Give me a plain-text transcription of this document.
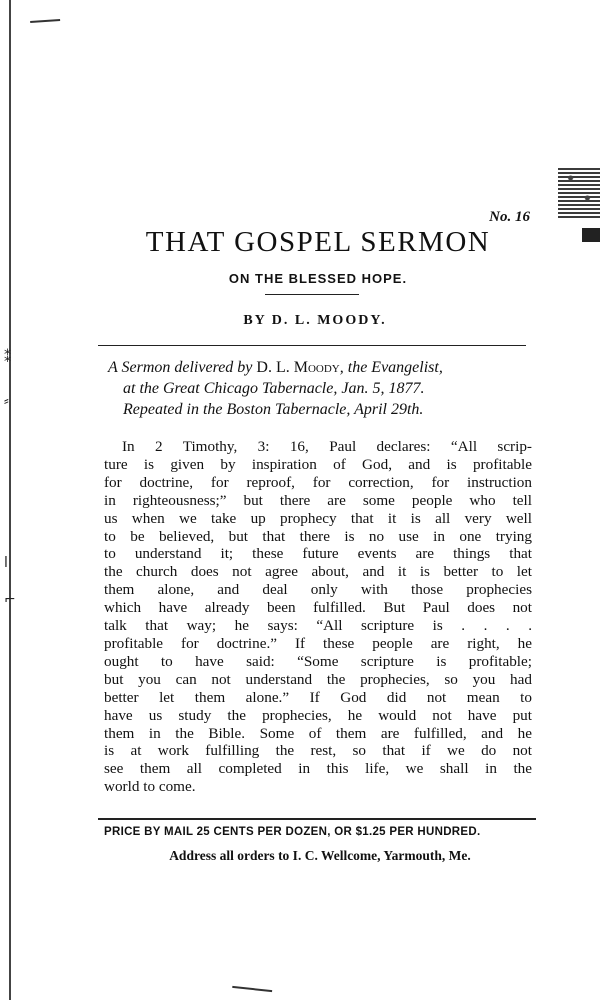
⁑
⸗
ꞁ
⌐
No. 16
THAT GOSPEL SERMON
ON THE BLESSED HOPE.
BY D. L. MOODY.
A Sermon delivered by D. L. Moody, the Evangelist,
at the Great Chicago Tabernacle, Jan. 5, 1877.
Repeated in the Boston Tabernacle, April 29th.
In 2 Timothy, 3: 16, Paul declares: “All scrip-
ture is given by inspiration of God, and is profitable
for doctrine, for reproof, for correction, for instruction
in righteousness;” but there are some people who tell
us when we take up prophecy that it is all very well
to be believed, but that there is no use in one trying
to understand it; these future events are things that
the church does not agree about, and it is better to let
them alone, and deal only with those prophecies
which have already been fulfilled. But Paul does not
talk that way; he says: “All scripture is . . . .
profitable for doctrine.” If these people are right, he
ought to have said: “Some scripture is profitable;
but you can not understand the prophecies, so you had
better let them alone.” If God did not mean to
have us study the prophecies, he would not have put
them in the Bible. Some of them are fulfilled, and he
is at work fulfilling the rest, so that if we do not
see them all completed in this life, we shall in the
world to come.
PRICE BY MAIL 25 CENTS PER DOZEN, OR $1.25 PER HUNDRED.
Address all orders to I. C. Wellcome, Yarmouth, Me.
